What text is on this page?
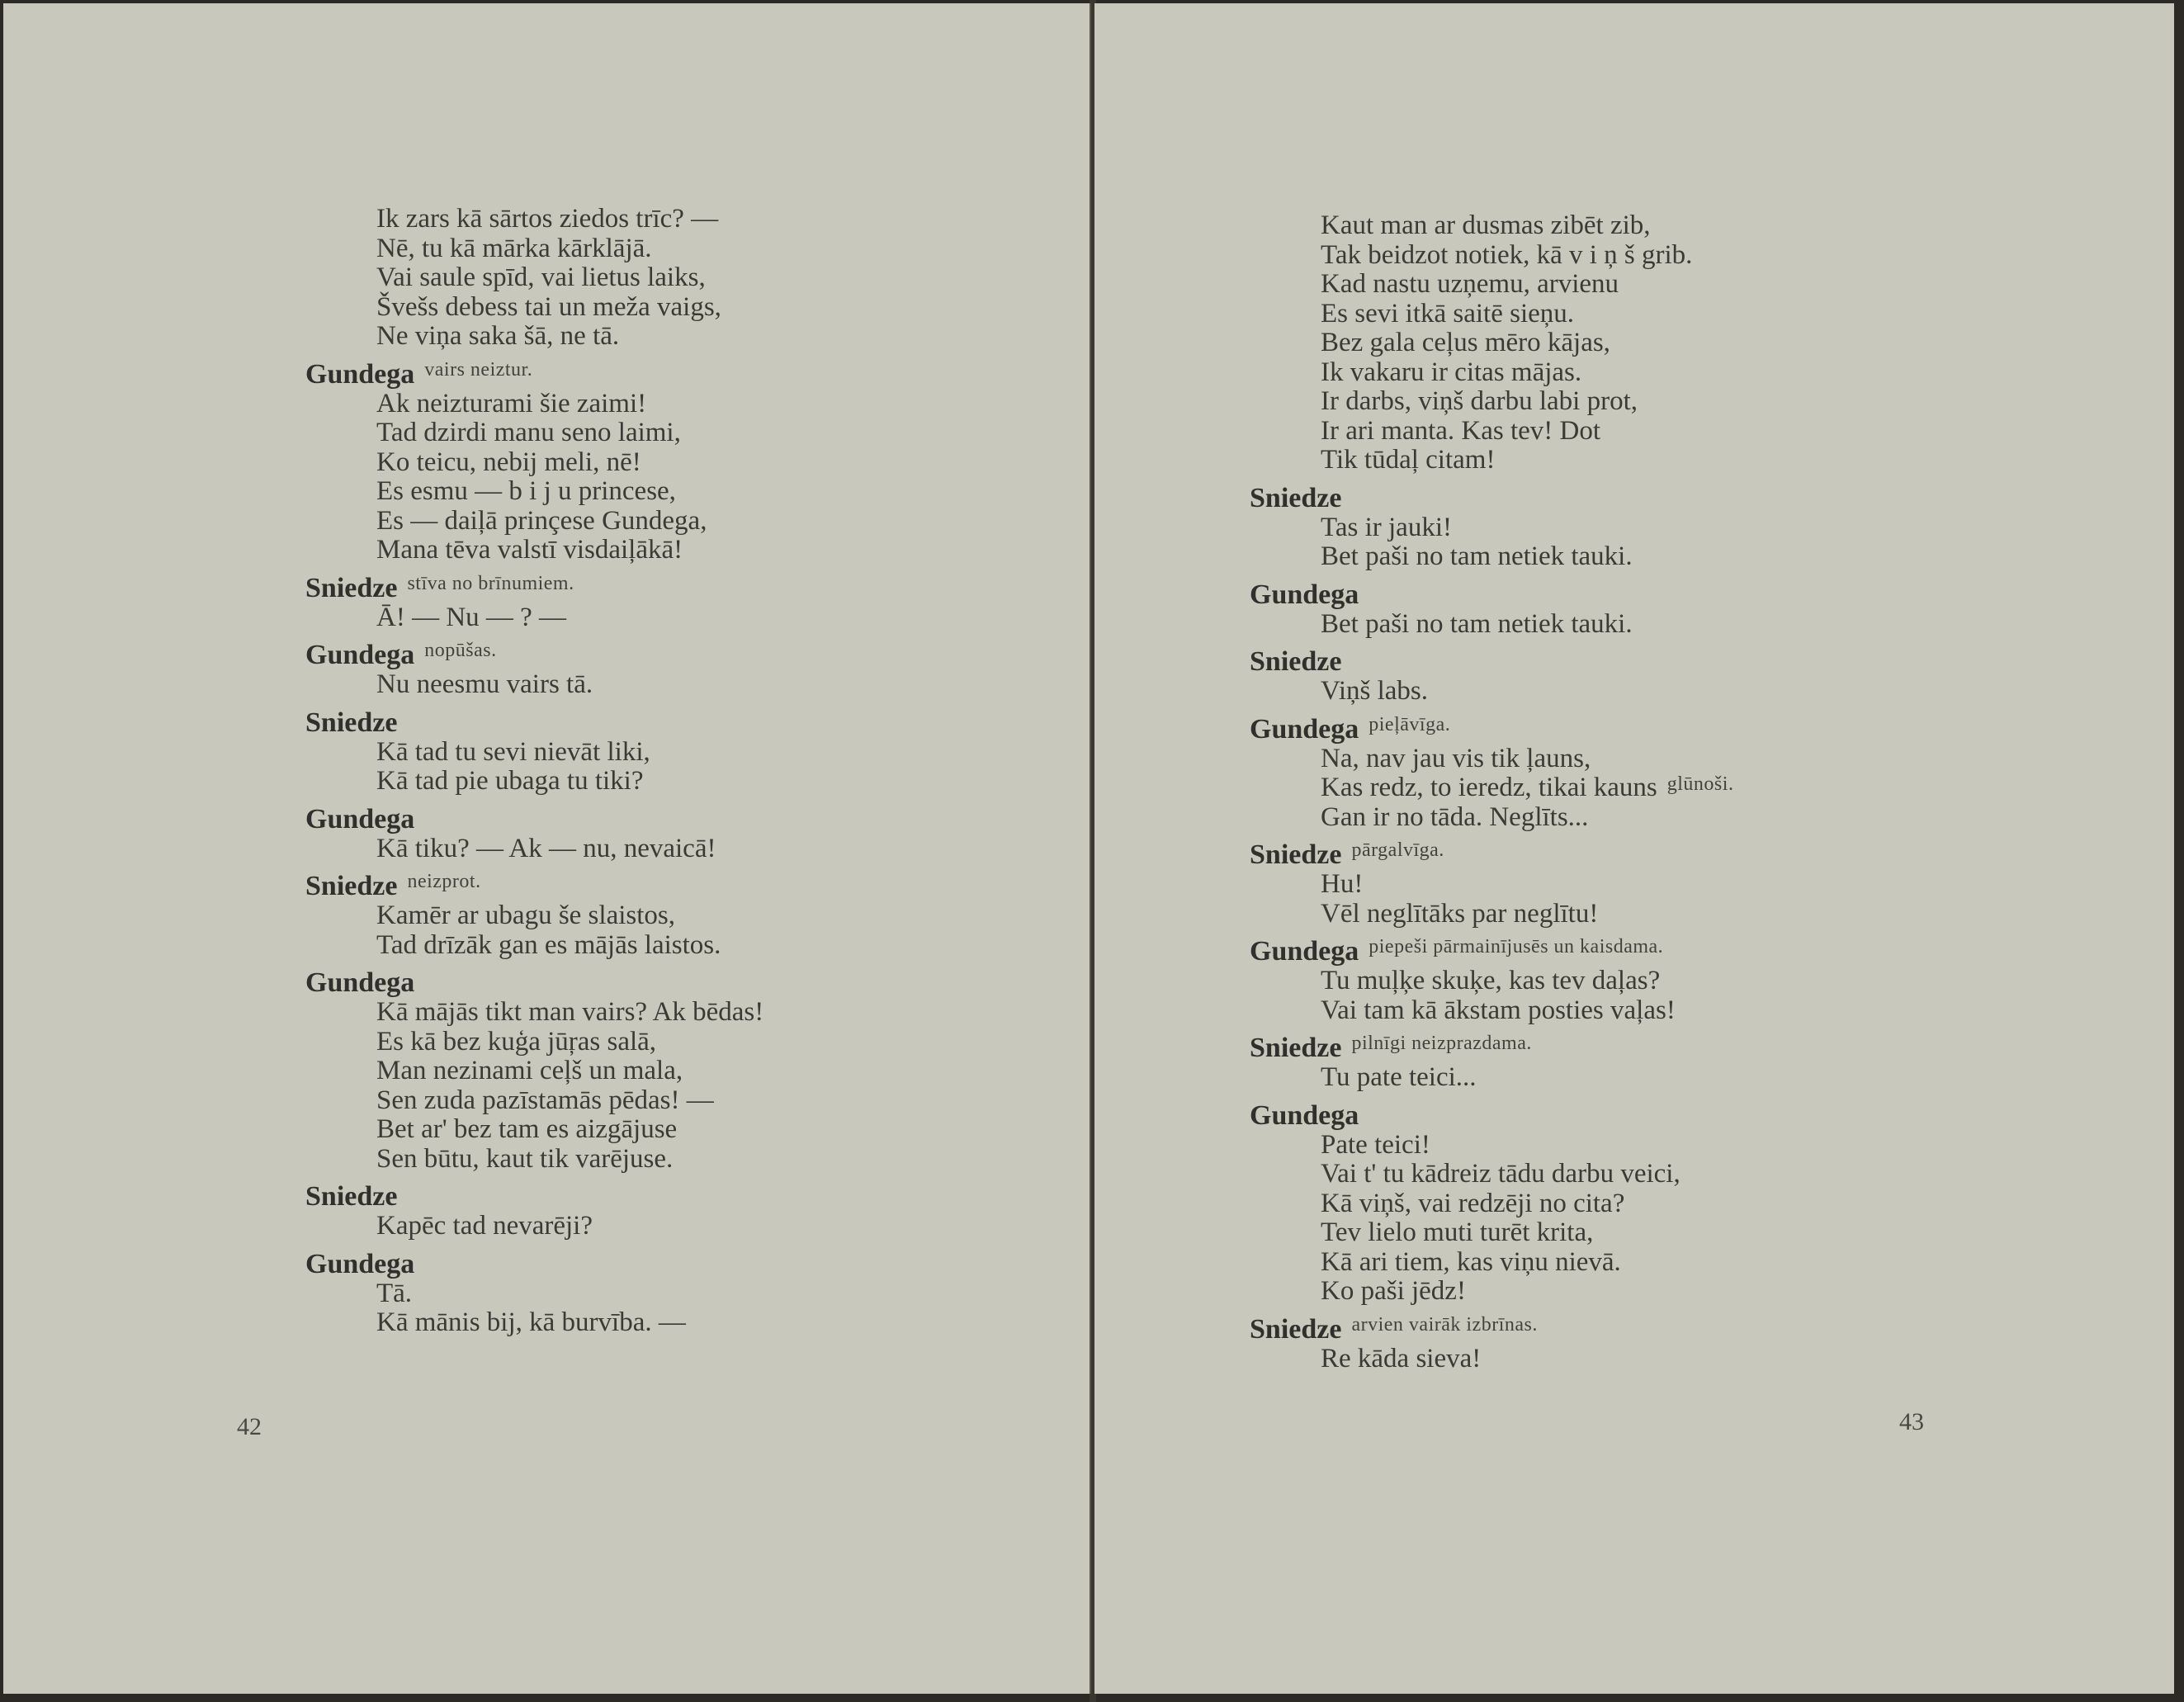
Ik zars kā sārtos ziedos trīc? —
Nē, tu kā mārka kārklājā.
Vai saule spīd, vai lietus laiks,
Švešs debess tai un meža vaigs,
Ne viņa saka šā, ne tā.
Gundega $^{vairs neiztur.}$
Ak neizturami šie zaimi!
Tad dzirdi manu seno laimi,
Ko teicu, nebij meli, nē!
Es esmu — b i j u princese,
Es — daiļā prinçese Gundega,
Mana tēva valstī visdaiļākā!
Sniedze $^{stīva no brīnumiem.}$
Ā! — Nu — ? —
Gundega $^{nopūšas.}$
Nu neesmu vairs tā.
Sniedze
Kā tad tu sevi nievāt liki,
Kā tad pie ubaga tu tiki?
Gundega
Kā tiku? — Ak — nu, nevaicā!
Sniedze $^{neizprot.}$
Kamēr ar ubagu še slaistos,
Tad drīzāk gan es mājās laistos.
Gundega
Kā mājās tikt man vairs? Ak bēdas!
Es kā bez kuģa jūŗas salā,
Man nezinami ceļš un mala,
Sen zuda pazīstamās pēdas! —
Bet ar' bez tam es aizgājuse
Sen būtu, kaut tik varējuse.
Sniedze
Kapēc tad nevarēji?
Gundega
Tā.
Kā mānis bij, kā burvība. —
42
Kaut man ar dusmas zibēt zib,
Tak beidzot notiek, kā v i ņ š grib.
Kad nastu uzņemu, arvienu
Es sevi itkā saitē sieņu.
Bez gala ceļus mēro kājas,
Ik vakaru ir citas mājas.
Ir darbs, viņš darbu labi prot,
Ir ari manta. Kas tev! Dot
Tik tūdaļ citam!
Sniedze
Tas ir jauki!
Bet paši no tam netiek tauki.
Gundega
Bet paši no tam netiek tauki.
Sniedze
Viņš labs.
Gundega $^{pieļāvīga.}$
Na, nav jau vis tik ļauns,
Kas redz, to ieredz, tikai kauns $^{glūnoši.}$
Gan ir no tāda. Neglīts...
Sniedze $^{pārgalvīga.}$
Hu!
Vēl neglītāks par neglītu!
Gundega $^{piepeši pārmainījusēs un kaisdama.}$
Tu muļķe skuķe, kas tev daļas?
Vai tam kā ākstam posties vaļas!
Sniedze $^{pilnīgi neizprazdama.}$
Tu pate teici...
Gundega
Pate teici!
Vai t' tu kādreiz tādu darbu veici,
Kā viņš, vai redzēji no cita?
Tev lielo muti turēt krita,
Kā ari tiem, kas viņu nievā.
Ko paši jēdz!
Sniedze $^{arvien vairāk izbrīnas.}$
Re kāda sieva!
43
